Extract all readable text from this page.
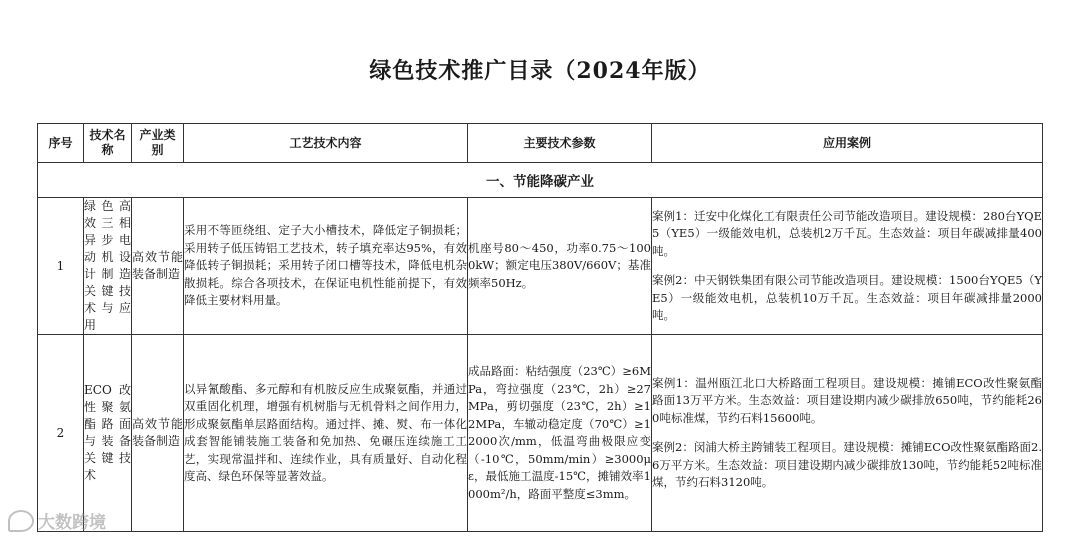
绿色技术推广目录（2024年版）
序号	技术名称	产业类别	工艺技术内容	主要技术参数	应用案例
一、节能降碳产业					
1	绿色高效三相异步电动机设计制造关键技术与应用	高效节能装备制造	采用不等匝绕组、定子大小槽技术，降低定子铜损耗；采用转子低压铸铝工艺技术，转子填充率达95%，有效降低转子铜损耗；采用转子闭口槽等技术，降低电机杂散损耗。综合各项技术，在保证电机性能前提下，有效降低主要材料用量。	机座号80～450，功率0.75～1000kW；额定电压380V/660V；基准频率50Hz。	案例1：迁安中化煤化工有限责任公司节能改造项目。建设规模：280台YQE5（YE5）一级能效电机，总装机2万千瓦。生态效益：项目年碳减排量400吨。

案例2：中天钢铁集团有限公司节能改造项目。建设规模：1500台YQE5（YE5）一级能效电机，总装机10万千瓦。生态效益：项目年碳减排量2000吨。

2	ECO改性聚氨酯路面与装备关键技术	高效节能装备制造	以异氰酸酯、多元醇和有机胺反应生成聚氨酯，并通过双重固化机理，增强有机树脂与无机骨料之间作用力，形成聚氨酯单层路面结构。通过拌、摊、熨、布一体化成套智能铺装施工装备和免加热、免碾压连续施工工艺，实现常温拌和、连续作业，具有质量好、自动化程度高、绿色环保等显著效益。	成品路面：粘结强度（23℃）≥6MPa，弯拉强度（23℃，2h）≥27MPa，剪切强度（23℃，2h）≥12MPa，车辙动稳定度（70℃）≥12000次/mm，低温弯曲极限应变（-10℃，50mm/min）≥3000με，最低施工温度-15℃，摊铺效率1000m²/h，路面平整度≤3mm。	案例1：温州瓯江北口大桥路面工程项目。建设规模：摊铺ECO改性聚氨酯路面13万平方米。生态效益：项目建设期内减少碳排放650吨，节约能耗260吨标准煤，节约石料15600吨。

案例2：闵浦大桥主跨铺装工程项目。建设规模：摊铺ECO改性聚氨酯路面2.6万平方米。生态效益：项目建设期内减少碳排放130吨，节约能耗52吨标准煤，节约石料3120吨。

大数跨境
